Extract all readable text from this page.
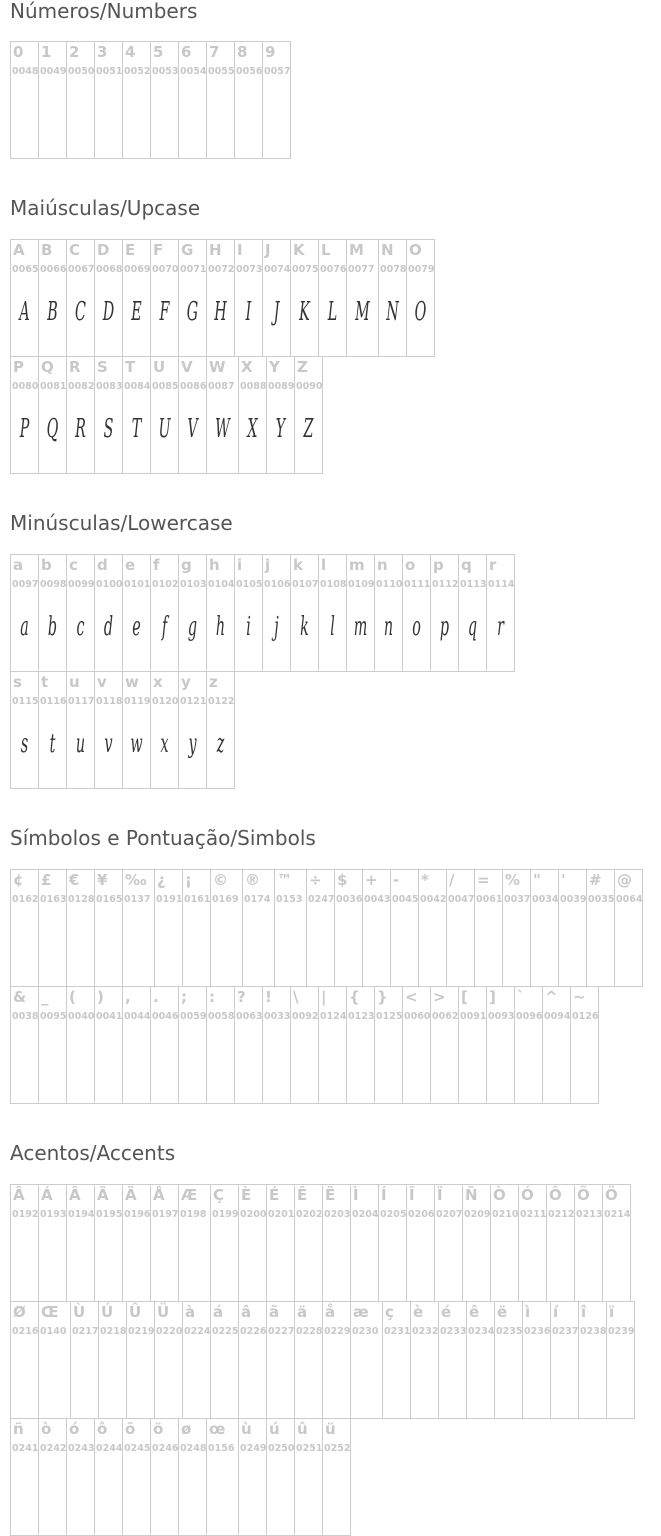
Números/Numbers
0
0048
1
0049
2
0050
3
0051
4
0052
5
0053
6
0054
7
0055
8
0056
9
0057
Maiúsculas/Upcase
A
0065
A
B
0066
B
C
0067
C
D
0068
D
E
0069
E
F
0070
F
G
0071
G
H
0072
H
I
0073
I
J
0074
J
K
0075
K
L
0076
L
M
0077
M
N
0078
N
O
0079
O
P
0080
P
Q
0081
Q
R
0082
R
S
0083
S
T
0084
T
U
0085
U
V
0086
V
W
0087
W
X
0088
X
Y
0089
Y
Z
0090
Z
Minúsculas/Lowercase
a
0097
a
b
0098
b
c
0099
c
d
0100
d
e
0101
e
f
0102
f
g
0103
g
h
0104
h
i
0105
i
j
0106
j
k
0107
k
l
0108
l
m
0109
m
n
0110
n
o
0111
o
p
0112
p
q
0113
q
r
0114
r
s
0115
s
t
0116
t
u
0117
u
v
0118
v
w
0119
w
x
0120
x
y
0121
y
z
0122
z
Símbolos e Pontuação/Simbols
¢
0162
£
0163
€
0128
¥
0165
‰
0137
¿
0191
¡
0161
©
0169
®
0174
™
0153
÷
0247
$
0036
+
0043
-
0045
*
0042
/
0047
=
0061
%
0037
"
0034
'
0039
#
0035
@
0064
&
0038
_
0095
(
0040
)
0041
,
0044
.
0046
;
0059
:
0058
?
0063
!
0033
\
0092
|
0124
{
0123
}
0125
<
0060
>
0062
[
0091
]
0093
`
0096
^
0094
~
0126
Acentos/Accents
Â
0192
Á
0193
Â
0194
Ã
0195
Ä
0196
Å
0197
Æ
0198
Ç
0199
È
0200
É
0201
Ê
0202
Ë
0203
Ì
0204
Í
0205
Î
0206
Ï
0207
Ñ
0209
Ò
0210
Ó
0211
Ô
0212
Õ
0213
Ö
0214
Ø
0216
Œ
0140
Ù
0217
Ú
0218
Û
0219
Ü
0220
à
0224
á
0225
â
0226
ã
0227
ä
0228
å
0229
æ
0230
ç
0231
è
0232
é
0233
ê
0234
ë
0235
ì
0236
í
0237
î
0238
ï
0239
ñ
0241
ò
0242
ó
0243
ô
0244
õ
0245
ö
0246
ø
0248
œ
0156
ù
0249
ú
0250
û
0251
ü
0252
